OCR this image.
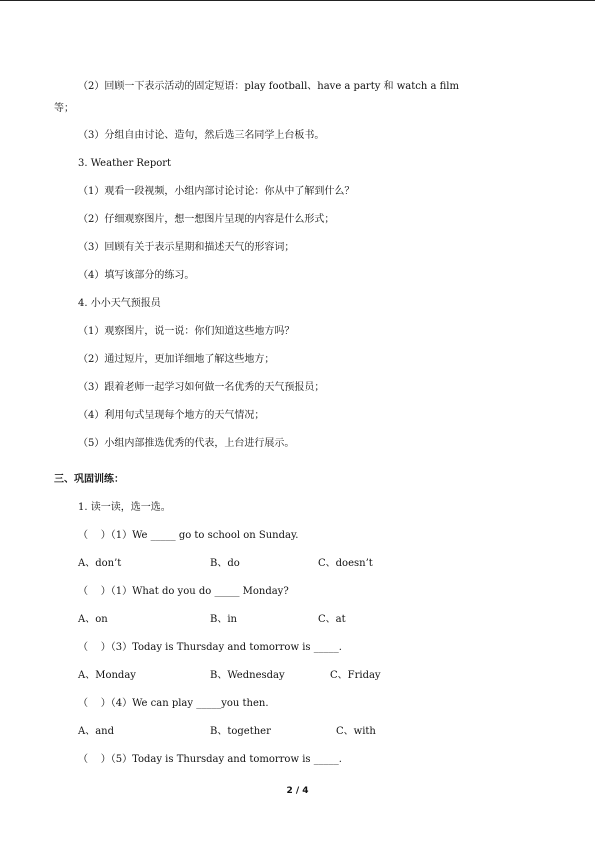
（2）回顾一下表示活动的固定短语：play football、have a party 和 watch a film
等；
（3）分组自由讨论、造句，然后选三名同学上台板书。
3. Weather Report
（1）观看一段视频，小组内部讨论讨论：你从中了解到什么？
（2）仔细观察图片，想一想图片呈现的内容是什么形式；
（3）回顾有关于表示星期和描述天气的形容词；
（4）填写该部分的练习。
4. 小小天气预报员
（1）观察图片，说一说：你们知道这些地方吗？
（2）通过短片，更加详细地了解这些地方；
（3）跟着老师一起学习如何做一名优秀的天气预报员；
（4）利用句式呈现每个地方的天气情况；
（5）小组内部推选优秀的代表，上台进行展示。
三、巩固训练：
1. 读一读，选一选。
（    ）（1）We _____ go to school on Sunday.
A、don’t	B、do	C、doesn’t
（    ）（1）What do you do _____ Monday?
A、on	B、in	C、at
（    ）（3）Today is Thursday and tomorrow is _____.
A、Monday	B、Wednesday	C、Friday
（    ）（4）We can play _____you then.
A、and	B、together	C、with
（    ）（5）Today is Thursday and tomorrow is _____.
2 / 4
